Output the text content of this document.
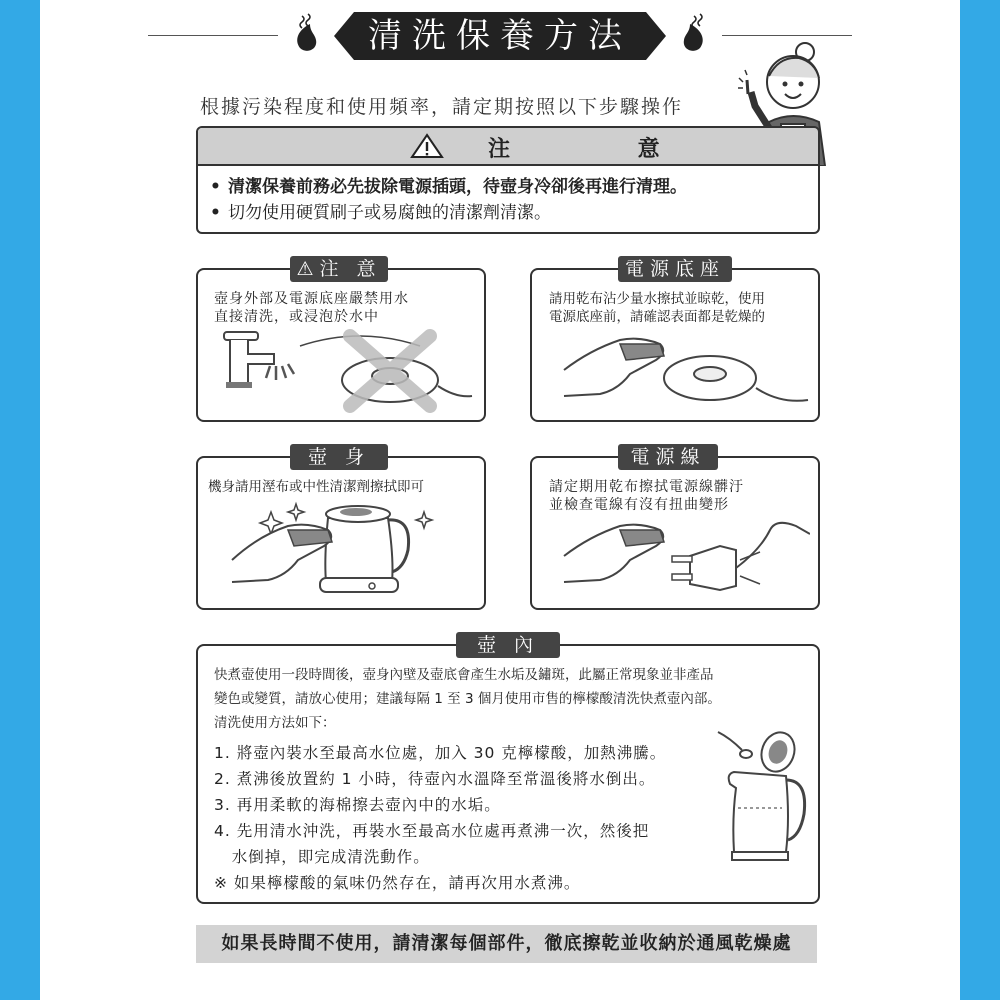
清洗保養方法
根據污染程度和使用頻率，請定期按照以下步驟操作
注 意
• 清潔保養前務必先拔除電源插頭，待壺身冷卻後再進行清理。
• 切勿使用硬質刷子或易腐蝕的清潔劑清潔。
⚠注 意
壺身外部及電源底座嚴禁用水
直接清洗，或浸泡於水中
電源底座
請用乾布沾少量水擦拭並晾乾，使用
電源底座前，請確認表面都是乾燥的
壺 身
機身請用溼布或中性清潔劑擦拭即可
電源線
請定期用乾布擦拭電源線髒汙
並檢查電線有沒有扭曲變形
壺 內
快煮壺使用一段時間後，壺身內壁及壺底會產生水垢及鏽斑，此屬正常現象並非產品
變色或變質，請放心使用；建議每隔 1 至 3 個月使用市售的檸檬酸清洗快煮壺內部。
清洗使用方法如下：
1. 將壺內裝水至最高水位處，加入 30 克檸檬酸，加熱沸騰。
2. 煮沸後放置約 1 小時，待壺內水溫降至常溫後將水倒出。
3. 再用柔軟的海棉擦去壺內中的水垢。
4. 先用清水沖洗，再裝水至最高水位處再煮沸一次，然後把
水倒掉，即完成清洗動作。
※ 如果檸檬酸的氣味仍然存在，請再次用水煮沸。
如果長時間不使用，請清潔每個部件，徹底擦乾並收納於通風乾燥處
